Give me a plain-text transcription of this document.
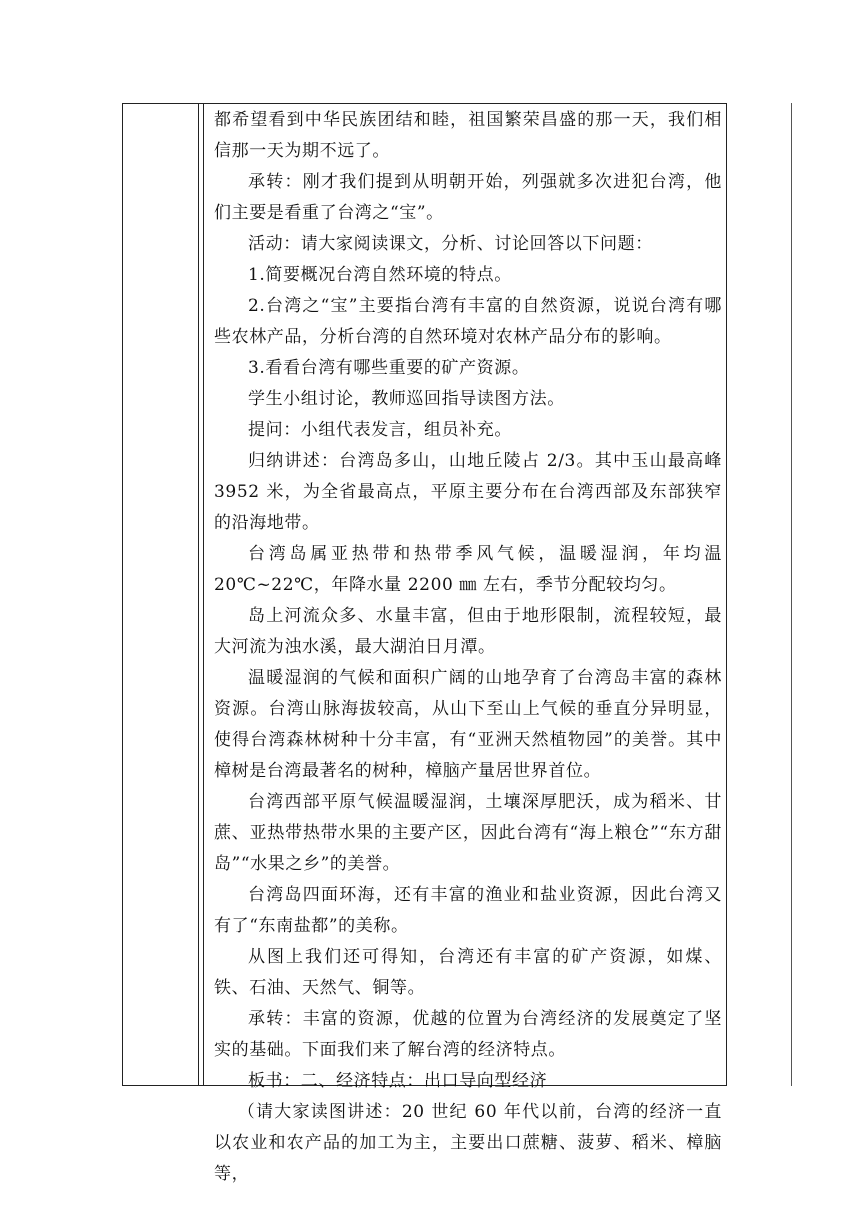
都希望看到中华民族团结和睦，祖国繁荣昌盛的那一天，我们相信那一天为期不远了。

承转：刚才我们提到从明朝开始，列强就多次进犯台湾，他们主要是看重了台湾之“宝”。

活动：请大家阅读课文，分析、讨论回答以下问题：

1.简要概况台湾自然环境的特点。

2.台湾之“宝”主要指台湾有丰富的自然资源，说说台湾有哪些农林产品，分析台湾的自然环境对农林产品分布的影响。

3.看看台湾有哪些重要的矿产资源。

学生小组讨论，教师巡回指导读图方法。

提问：小组代表发言，组员补充。

归纳讲述：台湾岛多山，山地丘陵占 2/3。其中玉山最高峰 3952 米，为全省最高点，平原主要分布在台湾西部及东部狭窄的沿海地带。

台湾岛属亚热带和热带季风气候，温暖湿润，年均温 20℃~22℃，年降水量 2200 ㎜ 左右，季节分配较均匀。

岛上河流众多、水量丰富，但由于地形限制，流程较短，最大河流为浊水溪，最大湖泊日月潭。

温暖湿润的气候和面积广阔的山地孕育了台湾岛丰富的森林资源。台湾山脉海拔较高，从山下至山上气候的垂直分异明显，使得台湾森林树种十分丰富，有“亚洲天然植物园”的美誉。其中樟树是台湾最著名的树种，樟脑产量居世界首位。

台湾西部平原气候温暖湿润，土壤深厚肥沃，成为稻米、甘蔗、亚热带热带水果的主要产区，因此台湾有“海上粮仓”“东方甜岛”“水果之乡”的美誉。

台湾岛四面环海，还有丰富的渔业和盐业资源，因此台湾又有了“东南盐都”的美称。

从图上我们还可得知，台湾还有丰富的矿产资源，如煤、铁、石油、天然气、铜等。

承转：丰富的资源，优越的位置为台湾经济的发展奠定了坚实的基础。下面我们来了解台湾的经济特点。

板书：二、经济特点：出口导向型经济

（请大家读图讲述：20 世纪 60 年代以前，台湾的经济一直以农业和农产品的加工为主，主要出口蔗糖、菠萝、稻米、樟脑等，
